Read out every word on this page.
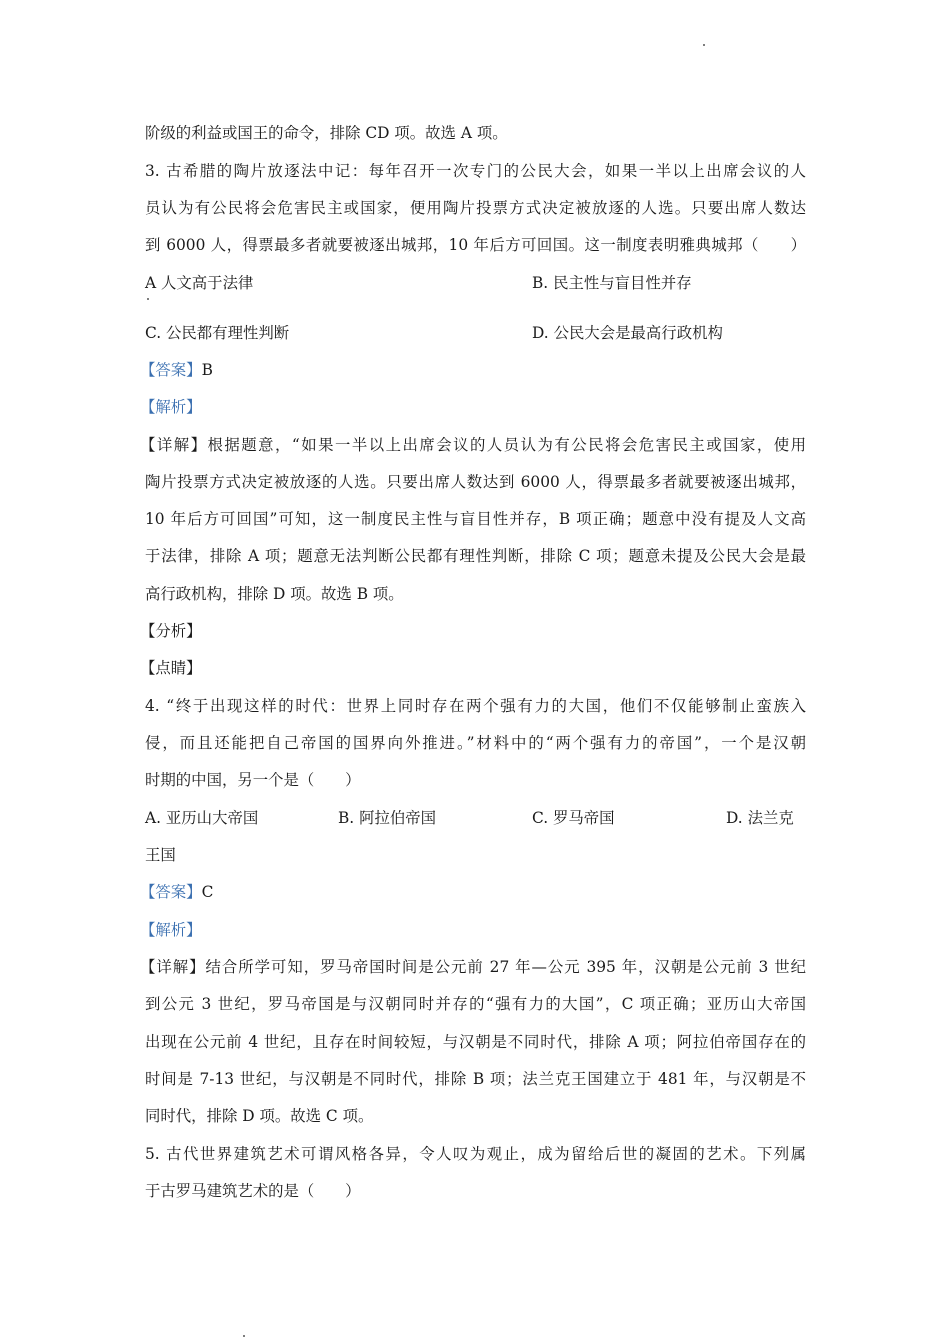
阶级的利益或国王的命令，排除 CD 项。故选 A 项。
3. 古希腊的陶片放逐法中记：每年召开一次专门的公民大会，如果一半以上出席会议的人
员认为有公民将会危害民主或国家，便用陶片投票方式决定被放逐的人选。只要出席人数达
到 6000 人，得票最多者就要被逐出城邦，10 年后方可回国。这一制度表明雅典城邦（　　）
A 人文高于法律	B. 民主性与盲目性并存
C. 公民都有理性判断	D. 公民大会是最高行政机构
【答案】B
【解析】
【详解】根据题意，“如果一半以上出席会议的人员认为有公民将会危害民主或国家，使用
陶片投票方式决定被放逐的人选。只要出席人数达到 6000 人，得票最多者就要被逐出城邦，
10 年后方可回国”可知，这一制度民主性与盲目性并存，B 项正确；题意中没有提及人文高
于法律，排除 A 项；题意无法判断公民都有理性判断，排除 C 项；题意未提及公民大会是最
高行政机构，排除 D 项。故选 B 项。
【分析】
【点睛】
4. “终于出现这样的时代：世界上同时存在两个强有力的大国，他们不仅能够制止蛮族入
侵，而且还能把自己帝国的国界向外推进。”材料中的“两个强有力的帝国”，一个是汉朝
时期的中国，另一个是（　　）
A. 亚历山大帝国	B. 阿拉伯帝国	C. 罗马帝国	D. 法兰克
王国
【答案】C
【解析】
【详解】结合所学可知，罗马帝国时间是公元前 27 年—公元 395 年，汉朝是公元前 3 世纪
到公元 3 世纪，罗马帝国是与汉朝同时并存的“强有力的大国”，C 项正确；亚历山大帝国
出现在公元前 4 世纪，且存在时间较短，与汉朝是不同时代，排除 A 项；阿拉伯帝国存在的
时间是 7-13 世纪，与汉朝是不同时代，排除 B 项；法兰克王国建立于 481 年，与汉朝是不
同时代，排除 D 项。故选 C 项。
5. 古代世界建筑艺术可谓风格各异，令人叹为观止，成为留给后世的凝固的艺术。下列属
于古罗马建筑艺术的是（　　）
